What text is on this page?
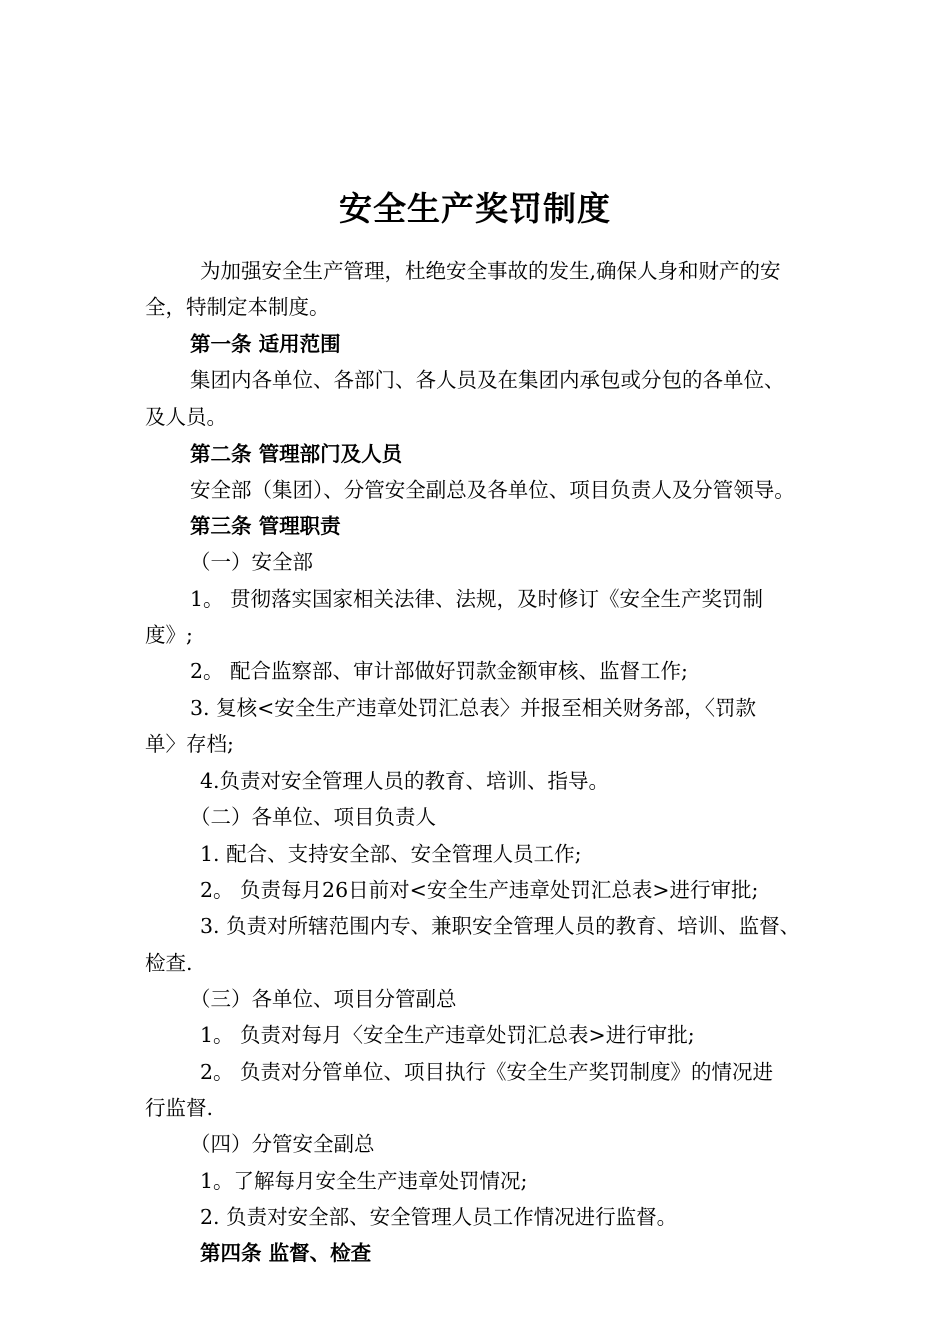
安全生产奖罚制度
为加强安全生产管理，杜绝安全事故的发生,确保人身和财产的安
全，特制定本制度。
第一条 适用范围
集团内各单位、各部门、各人员及在集团内承包或分包的各单位、
及人员。
第二条 管理部门及人员
安全部（集团）、分管安全副总及各单位、项目负责人及分管领导。
第三条 管理职责
（一）安全部
1。 贯彻落实国家相关法律、法规，及时修订《安全生产奖罚制
度》;
2。 配合监察部、审计部做好罚款金额审核、监督工作;
3. 复核<安全生产违章处罚汇总表〉并报至相关财务部，〈罚款
单〉存档;
4.负责对安全管理人员的教育、培训、指导。
（二）各单位、项目负责人
1. 配合、支持安全部、安全管理人员工作;
2。 负责每月26日前对<安全生产违章处罚汇总表>进行审批;
3. 负责对所辖范围内专、兼职安全管理人员的教育、培训、监督、
检查.
（三）各单位、项目分管副总
1。 负责对每月〈安全生产违章处罚汇总表>进行审批;
2。 负责对分管单位、项目执行《安全生产奖罚制度》的情况进
行监督.
（四）分管安全副总
1。了解每月安全生产违章处罚情况;
2. 负责对安全部、安全管理人员工作情况进行监督。
第四条 监督、检查
